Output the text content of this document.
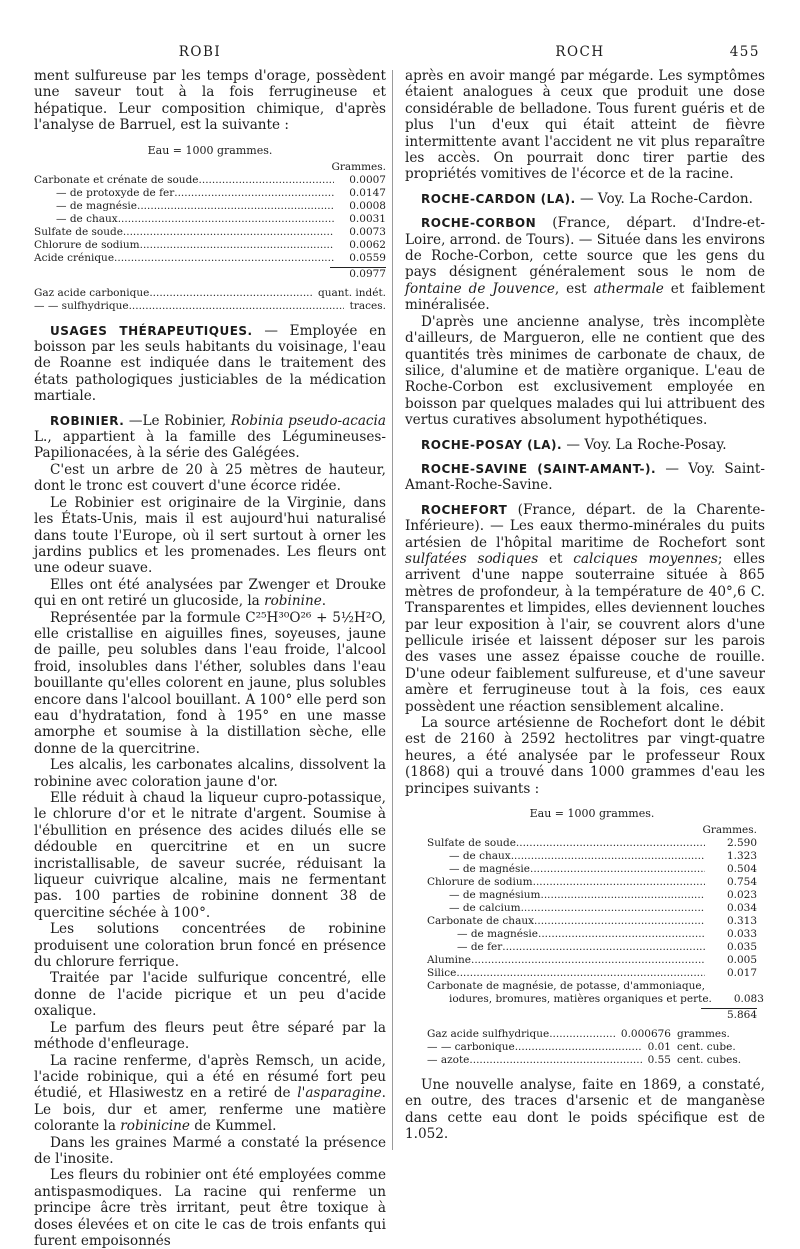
ROBI	ROCH	455

ment sulfureuse par les temps d'orage, possèdent une saveur tout à la fois ferrugineuse et hépatique. Leur composition chimique, d'après l'analyse de Barruel, est la suivante :

Eau = 1000 grammes.
Grammes.
Carbonate et crénate de soude .....	0.0007
— de protoxyde de fer .....	0.0147
— de magnésie .....	0.0008
— de chaux .....	0.0031
Sulfate de soude .....	0.0073
Chlorure de sodium .....	0.0062
Acide crénique .....	0.0559
0.0977
Gaz acide carbonique .....	quant. indét.
— — sulfhydrique .....	traces.

USAGES THÉRAPEUTIQUES. — Employée en boisson par les seuls habitants du voisinage, l'eau de Roanne est indiquée dans le traitement des états pathologiques justiciables de la médication martiale.

ROBINIER. —Le Robinier, Robinia pseudo-acacia L., appartient à la famille des Légumineuses-Papilionacées, à la série des Galégées.

C'est un arbre de 20 à 25 mètres de hauteur, dont le tronc est couvert d'une écorce ridée.

Le Robinier est originaire de la Virginie, dans les États-Unis, mais il est aujourd'hui naturalisé dans toute l'Europe, où il sert surtout à orner les jardins publics et les promenades. Les fleurs ont une odeur suave.

Elles ont été analysées par Zwenger et Drouke qui en ont retiré un glucoside, la robinine.

Représentée par la formule C²⁵H³⁰O²⁶ + 5½H²O, elle cristallise en aiguilles fines, soyeuses, jaune de paille, peu solubles dans l'eau froide, l'alcool froid, insolubles dans l'éther, solubles dans l'eau bouillante qu'elles colorent en jaune, plus solubles encore dans l'alcool bouillant. A 100° elle perd son eau d'hydratation, fond à 195° en une masse amorphe et soumise à la distillation sèche, elle donne de la quercitrine.

Les alcalis, les carbonates alcalins, dissolvent la robinine avec coloration jaune d'or.

Elle réduit à chaud la liqueur cupro-potassique, le chlorure d'or et le nitrate d'argent. Soumise à l'ébullition en présence des acides dilués elle se dédouble en quercitrine et en un sucre incristallisable, de saveur sucrée, réduisant la liqueur cuivrique alcaline, mais ne fermentant pas. 100 parties de robinine donnent 38 de quercitine séchée à 100°.

Les solutions concentrées de robinine produisent une coloration brun foncé en présence du chlorure ferrique.

Traitée par l'acide sulfurique concentré, elle donne de l'acide picrique et un peu d'acide oxalique.

Le parfum des fleurs peut être séparé par la méthode d'enfleurage.

La racine renferme, d'après Remsch, un acide, l'acide robinique, qui a été en résumé fort peu étudié, et Hlasiwestz en a retiré de l'asparagine. Le bois, dur et amer, renferme une matière colorante la robinicine de Kummel.

Dans les graines Marmé a constaté la présence de l'inosite.

Les fleurs du robinier ont été employées comme antispasmodiques. La racine qui renferme un principe âcre très irritant, peut être toxique à doses élevées et on cite le cas de trois enfants qui furent empoisonnés

après en avoir mangé par mégarde. Les symptômes étaient analogues à ceux que produit une dose considérable de belladone. Tous furent guéris et de plus l'un d'eux qui était atteint de fièvre intermittente avant l'accident ne vit plus reparaître les accès. On pourrait donc tirer partie des propriétés vomitives de l'écorce et de la racine.

ROCHE-CARDON (LA). — Voy. La Roche-Cardon.

ROCHE-CORBON (France, départ. d'Indre-et-Loire, arrond. de Tours). — Située dans les environs de Roche-Corbon, cette source que les gens du pays désignent généralement sous le nom de fontaine de Jouvence, est athermale et faiblement minéralisée.

D'après une ancienne analyse, très incomplète d'ailleurs, de Margueron, elle ne contient que des quantités très minimes de carbonate de chaux, de silice, d'alumine et de matière organique. L'eau de Roche-Corbon est exclusivement employée en boisson par quelques malades qui lui attribuent des vertus curatives absolument hypothétiques.

ROCHE-POSAY (LA). — Voy. La Roche-Posay.

ROCHE-SAVINE (SAINT-AMANT-). — Voy. Saint-Amant-Roche-Savine.

ROCHEFORT (France, départ. de la Charente-Inférieure). — Les eaux thermo-minérales du puits artésien de l'hôpital maritime de Rochefort sont sulfatées sodiques et calciques moyennes; elles arrivent d'une nappe souterraine située à 865 mètres de profondeur, à la température de 40°,6 C. Transparentes et limpides, elles deviennent louches par leur exposition à l'air, se couvrent alors d'une pellicule irisée et laissent déposer sur les parois des vases une assez épaisse couche de rouille. D'une odeur faiblement sulfureuse, et d'une saveur amère et ferrugineuse tout à la fois, ces eaux possèdent une réaction sensiblement alcaline.

La source artésienne de Rochefort dont le débit est de 2160 à 2592 hectolitres par vingt-quatre heures, a été analysée par le professeur Roux (1868) qui a trouvé dans 1000 grammes d'eau les principes suivants :

Eau = 1000 grammes.
Grammes.
Sulfate de soude .....	2.590
— de chaux .....	1.323
— de magnésie .....	0.504
Chlorure de sodium .....	0.754
— de magnésium .....	0.023
— de calcium .....	0.034
Carbonate de chaux .....	0.313
— de magnésie .....	0.033
— de fer .....	0.035
Alumine .....	0.005
Silice .....	0.017
Carbonate de magnésie, de potasse, d'ammoniaque,
iodures, bromures, matières organiques et perte.	0.083
5.864
Gaz acide sulfhydrique .....	0.000676 grammes.
— — carbonique .....	0.01 cent. cube.
— azote .....	0.55 cent. cubes.

Une nouvelle analyse, faite en 1869, a constaté, en outre, des traces d'arsenic et de manganèse dans cette eau dont le poids spécifique est de 1.052.
